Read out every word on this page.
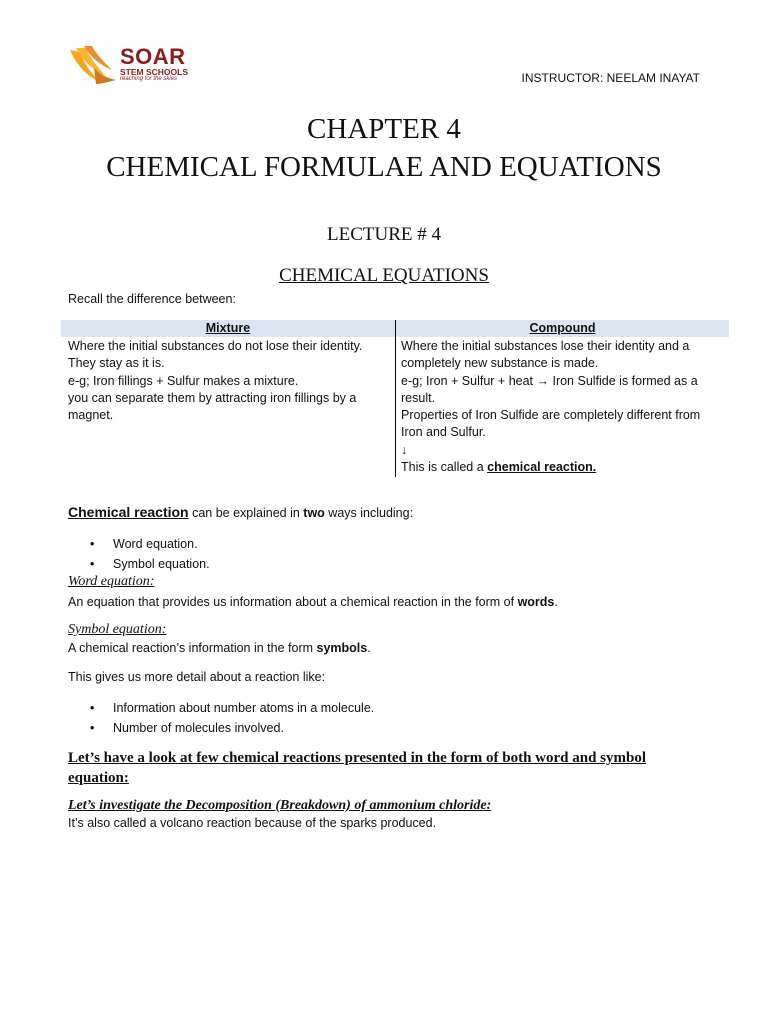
SOAR
STEM SCHOOLS
reaching for the skies	INSTRUCTOR: NEELAM INAYAT
CHAPTER 4
CHEMICAL FORMULAE AND EQUATIONS
LECTURE # 4
CHEMICAL EQUATIONS
Recall the difference between:
Mixture	Compound
Where the initial substances do not lose their identity.
They stay as it is.
e-g; Iron fillings + Sulfur makes a mixture.
you can separate them by attracting iron fillings by a
magnet.
Where the initial substances lose their identity and a
completely new substance is made.
e-g; Iron + Sulfur + heat → Iron Sulfide is formed as a
result.
Properties of Iron Sulfide are completely different from
Iron and Sulfur.
↓
This is called a chemical reaction.
Chemical reaction can be explained in two ways including:
• Word equation.
• Symbol equation.
Word equation:
An equation that provides us information about a chemical reaction in the form of words.
Symbol equation:
A chemical reaction’s information in the form symbols.
This gives us more detail about a reaction like:
• Information about number atoms in a molecule.
• Number of molecules involved.
Let’s have a look at few chemical reactions presented in the form of both word and symbol
equation:
Let’s investigate the Decomposition (Breakdown) of ammonium chloride:
It’s also called a volcano reaction because of the sparks produced.
